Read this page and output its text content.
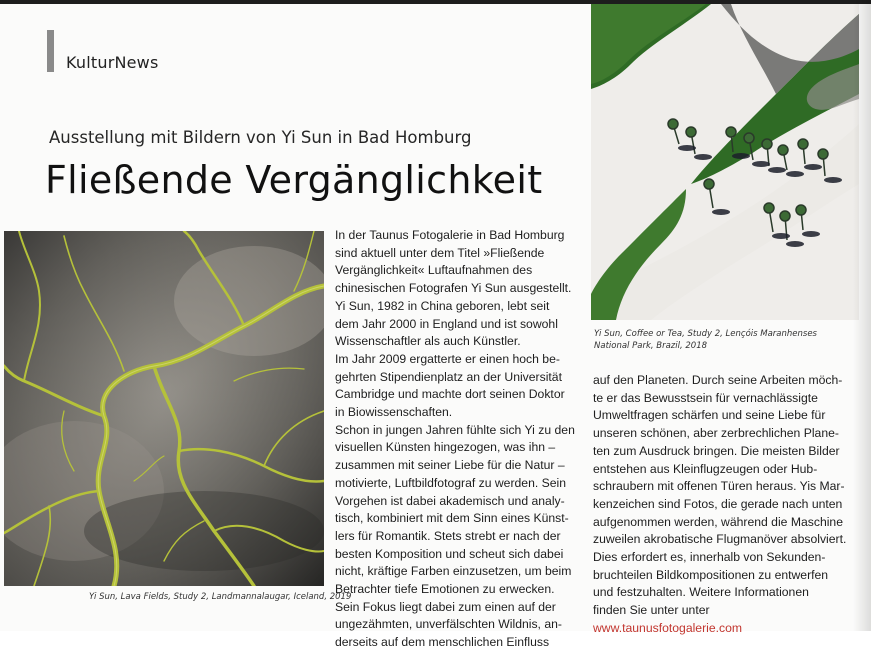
KulturNews
Ausstellung mit Bildern von Yi Sun in Bad Homburg
Fließende Vergänglichkeit
Yi Sun, Lava Fields, Study 2, Landmannalaugar, Iceland, 2019
Yi Sun, Coffee or Tea, Study 2, Lençóis Maranhenses
National Park, Brazil, 2018
In der Taunus Fotogalerie in Bad Homburg
sind aktuell unter dem Titel »Fließende
Vergänglichkeit« Luftaufnahmen des
chinesischen Fotografen Yi Sun ausgestellt.
Yi Sun, 1982 in China geboren, lebt seit
dem Jahr 2000 in England und ist sowohl
Wissenschaftler als auch Künstler.
Im Jahr 2009 ergatterte er einen hoch be-
gehrten Stipendienplatz an der Universität
Cambridge und machte dort seinen Doktor
in Biowissenschaften.
Schon in jungen Jahren fühlte sich Yi zu den
visuellen Künsten hingezogen, was ihn –
zusammen mit seiner Liebe für die Natur –
motivierte, Luftbildfotograf zu werden. Sein
Vorgehen ist dabei akademisch und analy-
tisch, kombiniert mit dem Sinn eines Künst-
lers für Romantik. Stets strebt er nach der
besten Komposition und scheut sich dabei
nicht, kräftige Farben einzusetzen, um beim
Betrachter tiefe Emotionen zu erwecken.
Sein Fokus liegt dabei zum einen auf der
ungezähmten, unverfälschten Wildnis, an-
derseits auf dem menschlichen Einfluss
auf den Planeten. Durch seine Arbeiten möch-
te er das Bewusstsein für vernachlässigte
Umweltfragen schärfen und seine Liebe für
unseren schönen, aber zerbrechlichen Plane-
ten zum Ausdruck bringen. Die meisten Bilder
entstehen aus Kleinflugzeugen oder Hub-
schraubern mit offenen Türen heraus. Yis Mar-
kenzeichen sind Fotos, die gerade nach unten
aufgenommen werden, während die Maschine
zuweilen akrobatische Flugmanöver absolviert.
Dies erfordert es, innerhalb von Sekunden-
bruchteilen Bildkompositionen zu entwerfen
und festzuhalten. Weitere Informationen
finden Sie unter unter
www.taunusfotogalerie.com
